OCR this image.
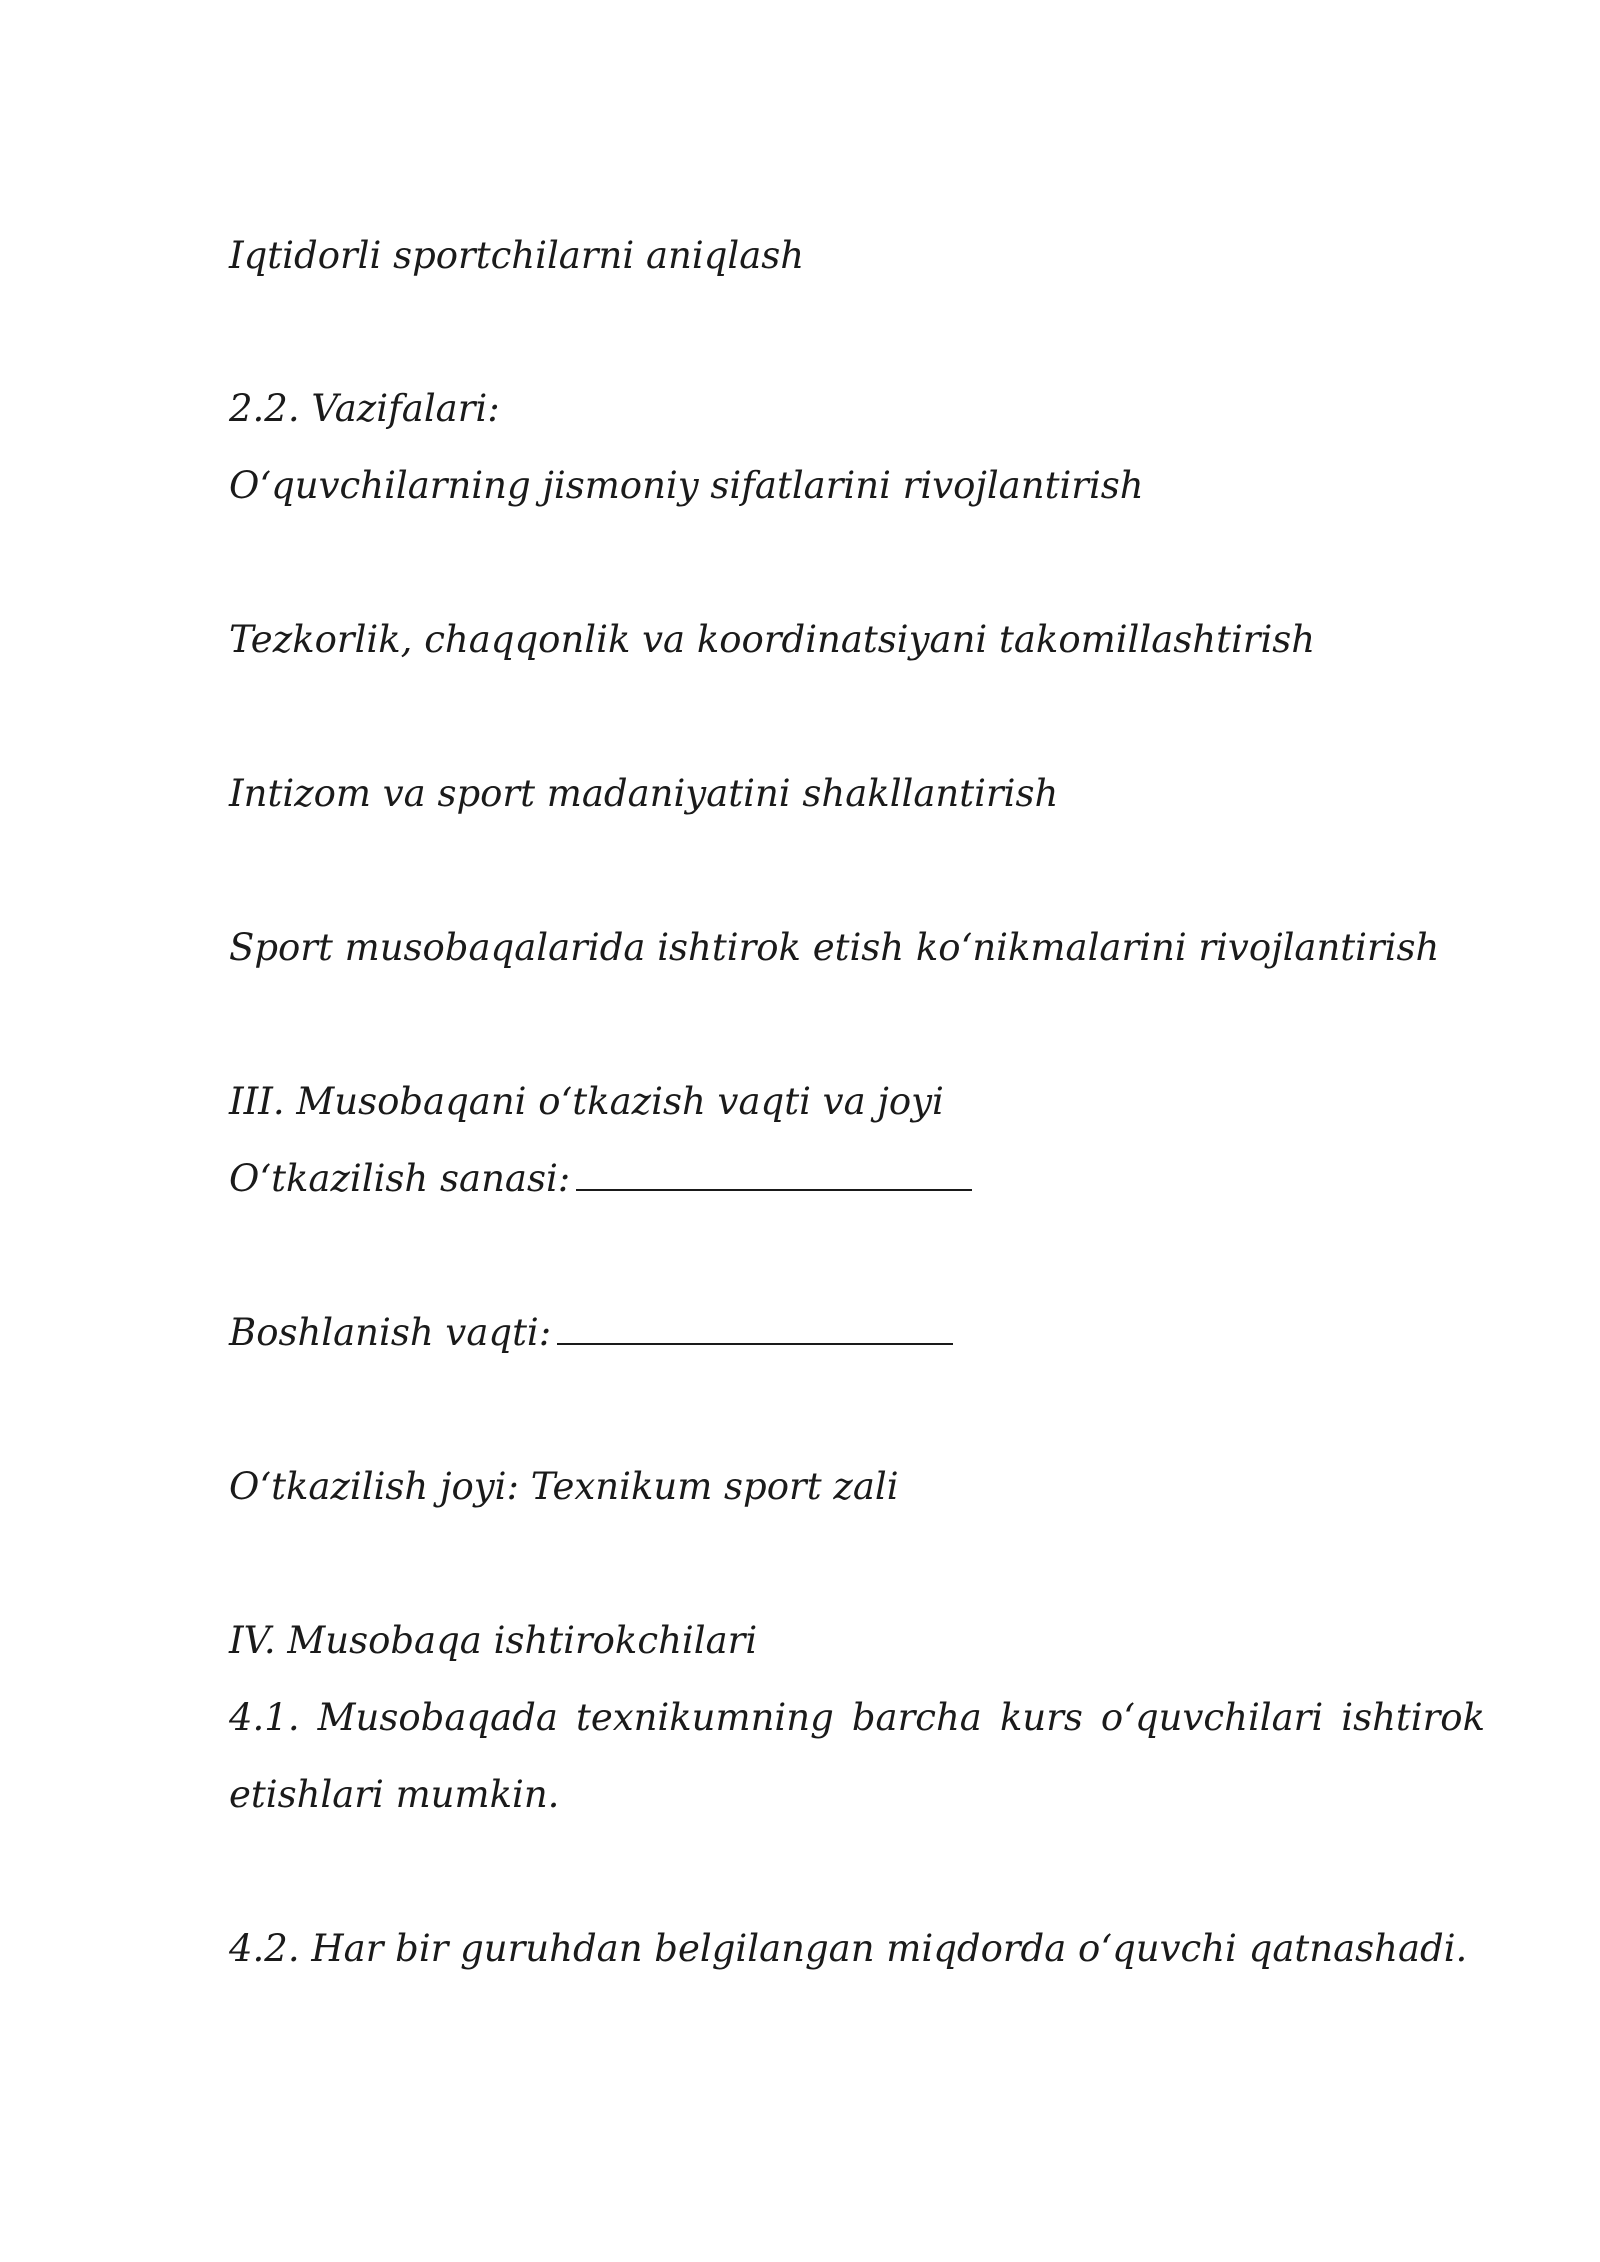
Iqtidorli sportchilarni aniqlash

2.2. Vazifalari:

O‘quvchilarning jismoniy sifatlarini rivojlantirish

Tezkorlik, chaqqonlik va koordinatsiyani takomillashtirish

Intizom va sport madaniyatini shakllantirish

Sport musobaqalarida ishtirok etish ko‘nikmalarini rivojlantirish

III. Musobaqani o‘tkazish vaqti va joyi

O‘tkazilish sanasi:

Boshlanish vaqti:

O‘tkazilish joyi: Texnikum sport zali

IV. Musobaqa ishtirokchilari

4.1. Musobaqada texnikumning barcha kurs o‘quvchilari ishtirok

etishlari mumkin.

4.2. Har bir guruhdan belgilangan miqdorda o‘quvchi qatnashadi.
